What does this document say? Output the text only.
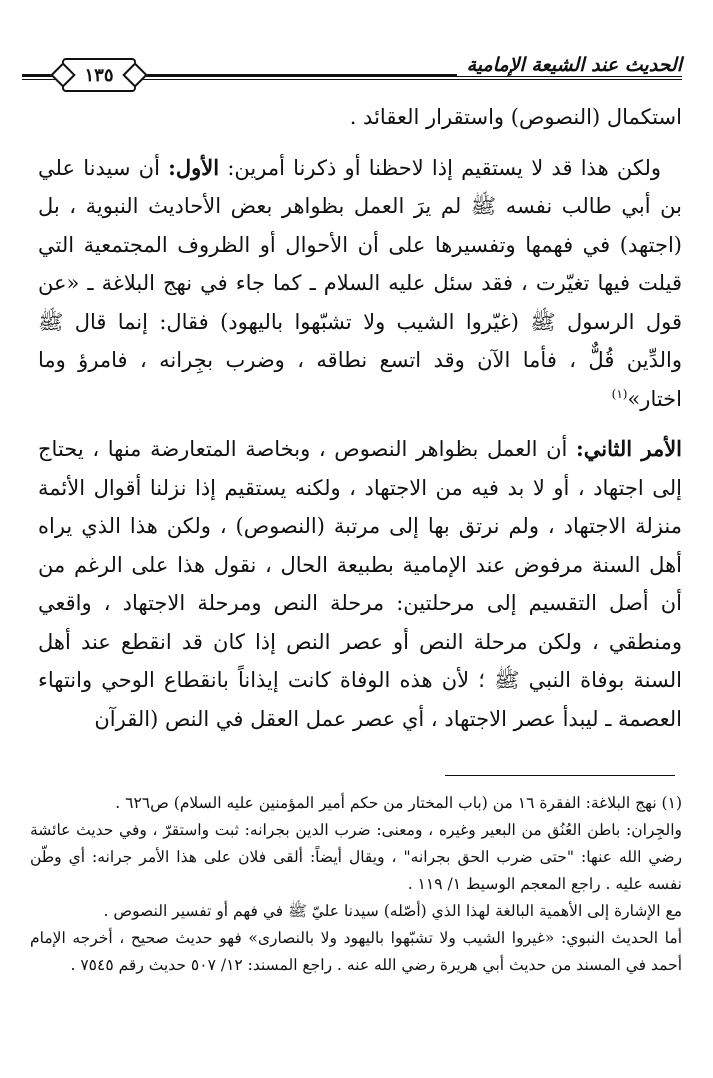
١٣٥	الحديث عند الشيعة الإمامية

استكمال (النصوص) واستقرار العقائد .

 ولكن هذا قد لا يستقيم إذا لاحظنا أو ذكرنا أمرين: الأول: أن سيدنا علي بن أبي طالب نفسه ﷺ لم يرَ العمل بظواهر بعض الأحاديث النبوية ، بل (اجتهد) في فهمها وتفسيرها على أن الأحوال أو الظروف المجتمعية التي قيلت فيها تغيّرت ، فقد سئل عليه السلام ـ كما جاء في نهج البلاغة ـ «عن قول الرسول ﷺ (غيّروا الشيب ولا تشبّهوا باليهود) فقال: إنما قال ﷺ والدِّين قُلٌّ ، فأما الآن وقد اتسع نطاقه ، وضرب بجِرانه ، فامرؤ وما اختار»$^{(١)}$

الأمر الثاني: أن العمل بظواهر النصوص ، وبخاصة المتعارضة منها ، يحتاج إلى اجتهاد ، أو لا بد فيه من الاجتهاد ، ولكنه يستقيم إذا نزلنا أقوال الأئمة منزلة الاجتهاد ، ولم نرتق بها إلى مرتبة (النصوص) ، ولكن هذا الذي يراه أهل السنة مرفوض عند الإمامية بطبيعة الحال ، نقول هذا على الرغم من أن أصل التقسيم إلى مرحلتين: مرحلة النص ومرحلة الاجتهاد ، واقعي ومنطقي ، ولكن مرحلة النص أو عصر النص إذا كان قد انقطع عند أهل السنة بوفاة النبي ﷺ ؛ لأن هذه الوفاة كانت إيذاناً بانقطاع الوحي وانتهاء العصمة ـ ليبدأ عصر الاجتهاد ، أي عصر عمل العقل في النص (القرآن

(١) نهج البلاغة: الفقرة ١٦ من (باب المختار من حكم أمير المؤمنين عليه السلام) ص٦٢٦ .

والجِران: باطن العُنُق من البعير وغيره ، ومعنى: ضرب الدين بجرانه: ثبت واستقرّ ، وفي حديث عائشة رضي الله عنها: "حتى ضرب الحق بجرانه" ، ويقال أيضاً: ألقى فلان على هذا الأمر جرانه: أي وطّن نفسه عليه . راجع المعجم الوسيط ١/ ١١٩ .

مع الإشارة إلى الأهمية البالغة لهذا الذي (أصّله) سيدنا عليّ ﷺ في فهم أو تفسير النصوص .

أما الحديث النبوي: «غيروا الشيب ولا تشبّهوا باليهود ولا بالنصارى» فهو حديث صحيح ، أخرجه الإمام أحمد في المسند من حديث أبي هريرة رضي الله عنه . راجع المسند: ١٢/ ٥٠٧ حديث رقم ٧٥٤٥ .
